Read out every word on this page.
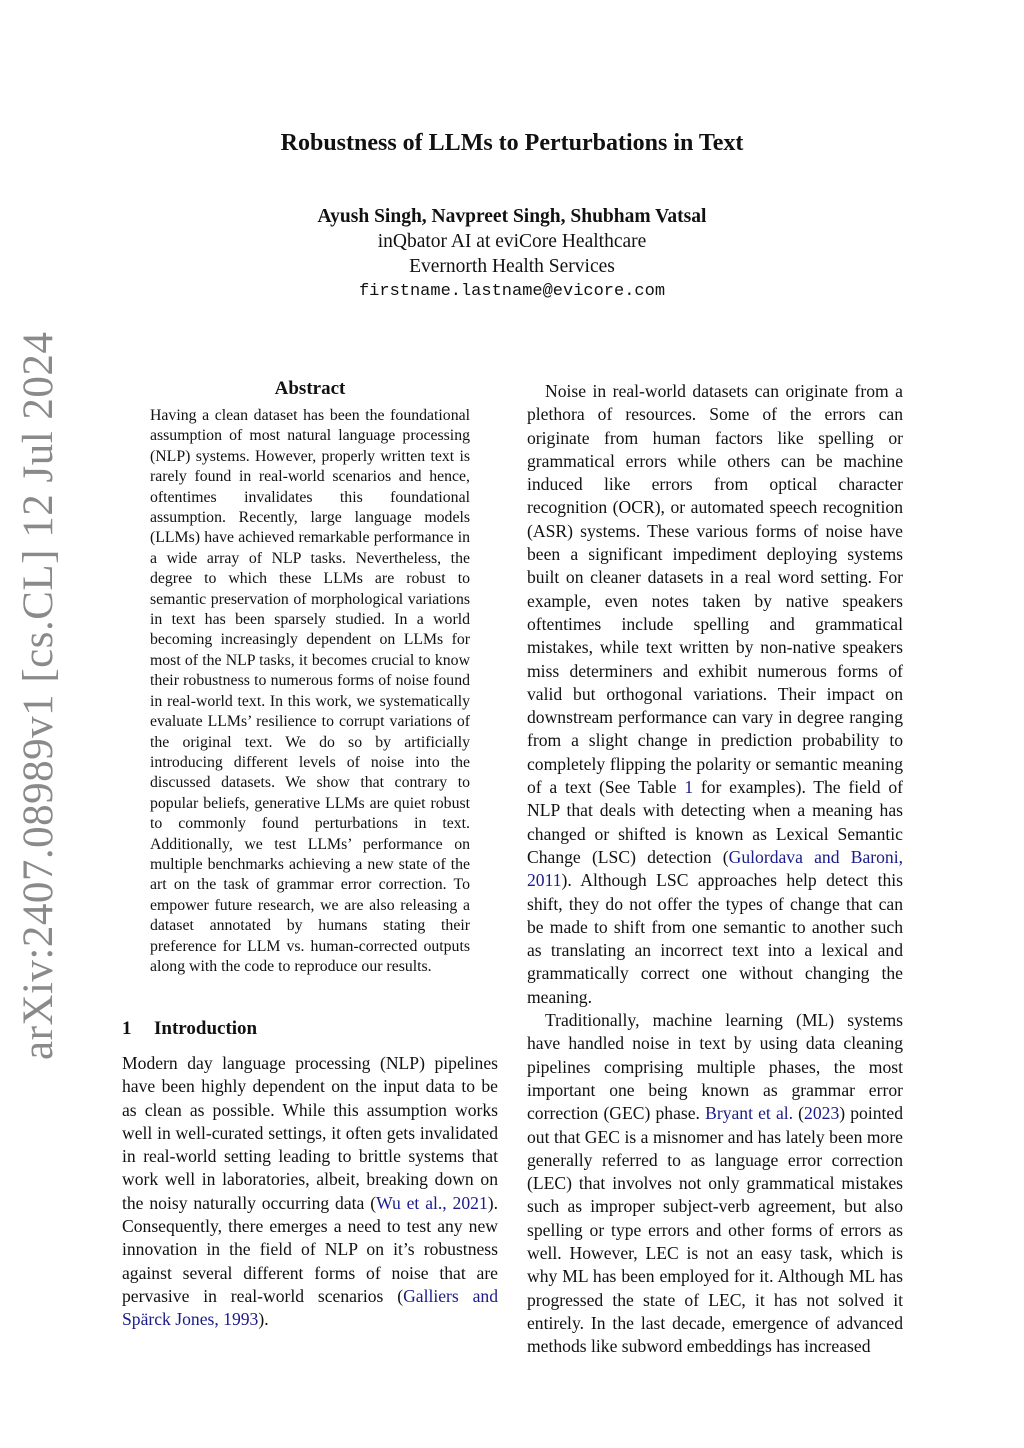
arXiv:2407.08989v1 [cs.CL] 12 Jul 2024
Robustness of LLMs to Perturbations in Text
Ayush Singh, Navpreet Singh, Shubham Vatsal
inQbator AI at eviCore Healthcare
Evernorth Health Services
firstname.lastname@evicore.com
Abstract

Having a clean dataset has been the foundational assumption of most natural language processing (NLP) systems. However, properly written text is rarely found in real-world scenarios and hence, oftentimes invalidates this foundational assumption. Recently, large language models (LLMs) have achieved remarkable performance in a wide array of NLP tasks. Nevertheless, the degree to which these LLMs are robust to semantic preservation of morphological variations in text has been sparsely studied. In a world becoming increasingly dependent on LLMs for most of the NLP tasks, it becomes crucial to know their robustness to numerous forms of noise found in real-world text. In this work, we systematically evaluate LLMs’ resilience to corrupt variations of the original text. We do so by artificially introducing different levels of noise into the discussed datasets. We show that contrary to popular beliefs, generative LLMs are quiet robust to commonly found perturbations in text. Additionally, we test LLMs’ performance on multiple benchmarks achieving a new state of the art on the task of grammar error correction. To empower future research, we are also releasing a dataset annotated by humans stating their preference for LLM vs. human-corrected outputs along with the code to reproduce our results.

1 Introduction

Modern day language processing (NLP) pipelines have been highly dependent on the input data to be as clean as possible. While this assumption works well in well-curated settings, it often gets invalidated in real-world setting leading to brittle systems that work well in laboratories, albeit, breaking down on the noisy naturally occurring data (Wu et al., 2021). Consequently, there emerges a need to test any new innovation in the field of NLP on it’s robustness against several different forms of noise that are pervasive in real-world scenarios (Galliers and Spärck Jones, 1993).

Noise in real-world datasets can originate from a plethora of resources. Some of the errors can originate from human factors like spelling or grammatical errors while others can be machine induced like errors from optical character recognition (OCR), or automated speech recognition (ASR) systems. These various forms of noise have been a significant impediment deploying systems built on cleaner datasets in a real word setting. For example, even notes taken by native speakers oftentimes include spelling and grammatical mistakes, while text written by non-native speakers miss determiners and exhibit numerous forms of valid but orthogonal variations. Their impact on downstream performance can vary in degree ranging from a slight change in prediction probability to completely flipping the polarity or semantic meaning of a text (See Table 1 for examples). The field of NLP that deals with detecting when a meaning has changed or shifted is known as Lexical Semantic Change (LSC) detection (Gulordava and Baroni, 2011). Although LSC approaches help detect this shift, they do not offer the types of change that can be made to shift from one semantic to another such as translating an incorrect text into a lexical and grammatically correct one without changing the meaning.

Traditionally, machine learning (ML) systems have handled noise in text by using data cleaning pipelines comprising multiple phases, the most important one being known as grammar error correction (GEC) phase. Bryant et al. (2023) pointed out that GEC is a misnomer and has lately been more generally referred to as language error correction (LEC) that involves not only grammatical mistakes such as improper subject-verb agreement, but also spelling or type errors and other forms of errors as well. However, LEC is not an easy task, which is why ML has been employed for it. Although ML has progressed the state of LEC, it has not solved it entirely. In the last decade, emergence of advanced methods like subword embeddings has increased
